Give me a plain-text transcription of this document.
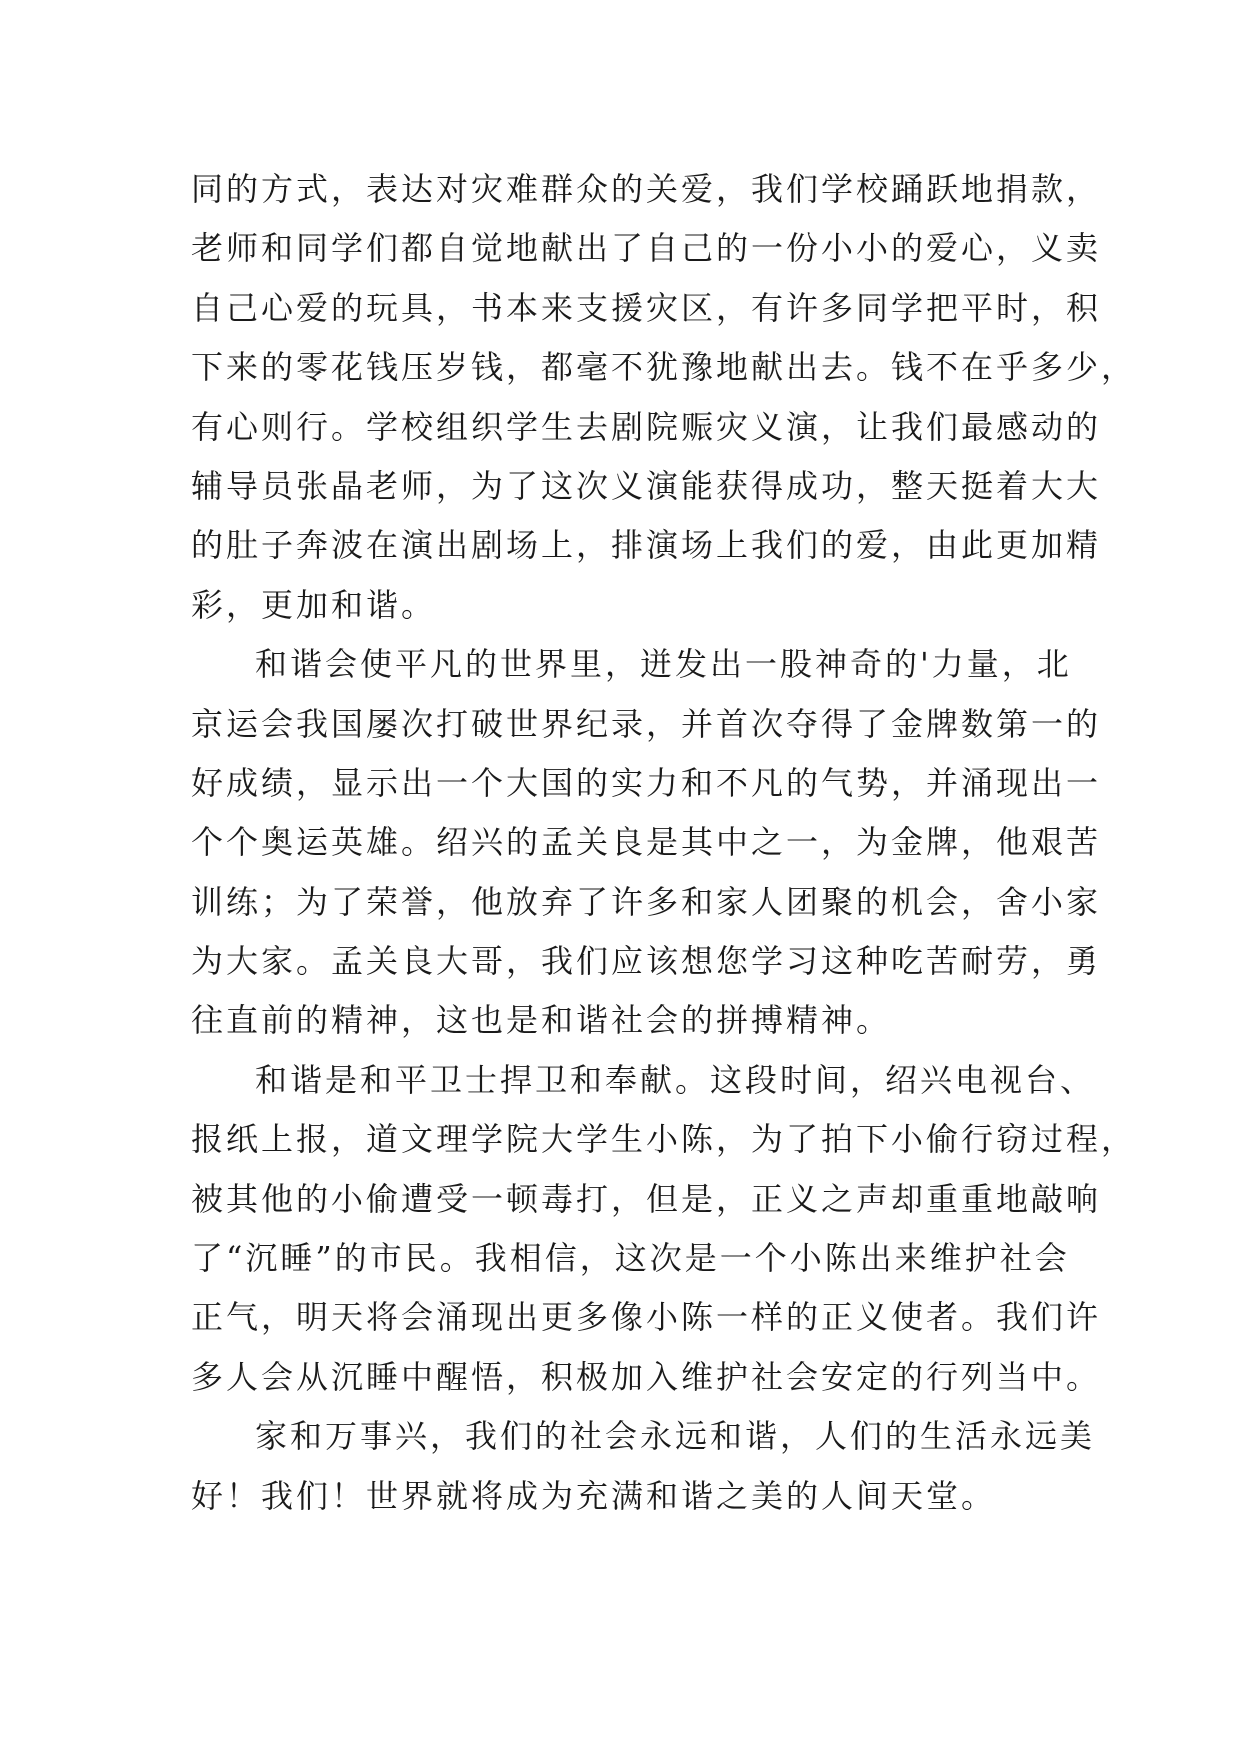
同的方式，表达对灾难群众的关爱，我们学校踊跃地捐款，
老师和同学们都自觉地献出了自己的一份小小的爱心，义卖
自己心爱的玩具，书本来支援灾区，有许多同学把平时，积
下来的零花钱压岁钱，都毫不犹豫地献出去。钱不在乎多少，
有心则行。学校组织学生去剧院赈灾义演，让我们最感动的
辅导员张晶老师，为了这次义演能获得成功，整天挺着大大
的肚子奔波在演出剧场上，排演场上我们的爱，由此更加精
彩，更加和谐。
和谐会使平凡的世界里，迸发出一股神奇的'力量，北
京运会我国屡次打破世界纪录，并首次夺得了金牌数第一的
好成绩，显示出一个大国的实力和不凡的气势，并涌现出一
个个奥运英雄。绍兴的孟关良是其中之一，为金牌，他艰苦
训练；为了荣誉，他放弃了许多和家人团聚的机会，舍小家
为大家。孟关良大哥，我们应该想您学习这种吃苦耐劳，勇
往直前的精神，这也是和谐社会的拼搏精神。
和谐是和平卫士捍卫和奉献。这段时间，绍兴电视台、
报纸上报，道文理学院大学生小陈，为了拍下小偷行窃过程，
被其他的小偷遭受一顿毒打，但是，正义之声却重重地敲响
了“沉睡”的市民。我相信，这次是一个小陈出来维护社会
正气，明天将会涌现出更多像小陈一样的正义使者。我们许
多人会从沉睡中醒悟，积极加入维护社会安定的行列当中。
家和万事兴，我们的社会永远和谐，人们的生活永远美
好！我们！世界就将成为充满和谐之美的人间天堂。
